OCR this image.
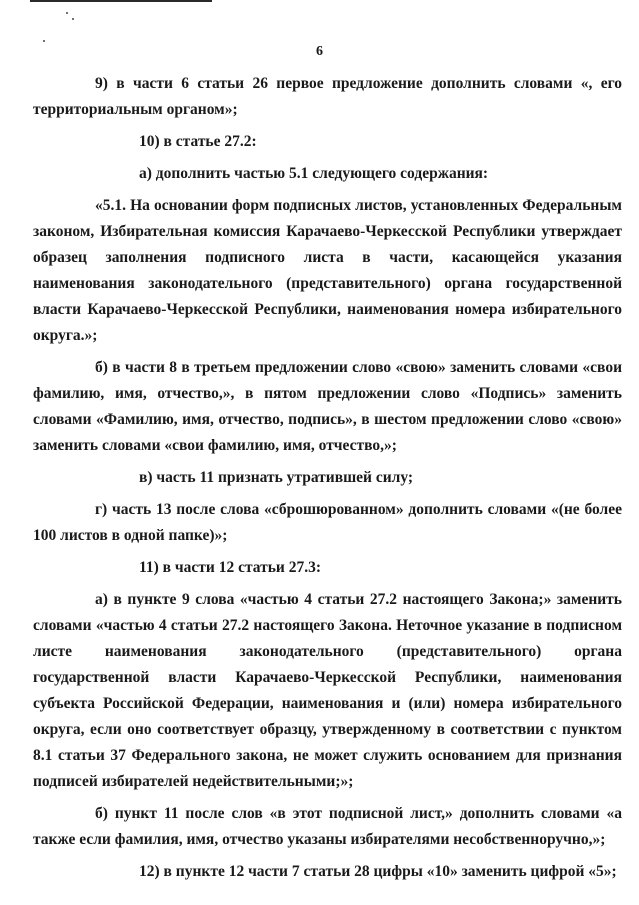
6

9) в части 6 статьи 26 первое предложение дополнить словами «, его территориальным органом»;

10) в статье 27.2:

а) дополнить частью 5.1 следующего содержания:

«5.1. На основании форм подписных листов, установленных Федеральным законом, Избирательная комиссия Карачаево-Черкесской Республики утверждает образец заполнения подписного листа в части, касающейся указания наименования законодательного (представительного) органа государственной власти Карачаево-Черкесской Республики, наименования номера избирательного округа.»;

б) в части 8 в третьем предложении слово «свою» заменить словами «свои фамилию, имя, отчество,», в пятом предложении слово «Подпись» заменить словами «Фамилию, имя, отчество, подпись», в шестом предложении слово «свою» заменить словами «свои фамилию, имя, отчество,»;

в) часть 11 признать утратившей силу;

г) часть 13 после слова «сброшюрованном» дополнить словами «(не более 100 листов в одной папке)»;

11) в части 12 статьи 27.3:

а) в пункте 9 слова «частью 4 статьи 27.2 настоящего Закона;» заменить словами «частью 4 статьи 27.2 настоящего Закона. Неточное указание в подписном листе наименования законодательного (представительного) органа государственной власти Карачаево-Черкесской Республики, наименования субъекта Российской Федерации, наименования и (или) номера избирательного округа, если оно соответствует образцу, утвержденному в соответствии с пунктом 8.1 статьи 37 Федерального закона, не может служить основанием для признания подписей избирателей недействительными;»;

б) пункт 11 после слов «в этот подписной лист,» дополнить словами «а также если фамилия, имя, отчество указаны избирателями несобственноручно,»;

12) в пункте 12 части 7 статьи 28 цифры «10» заменить цифрой «5»;
